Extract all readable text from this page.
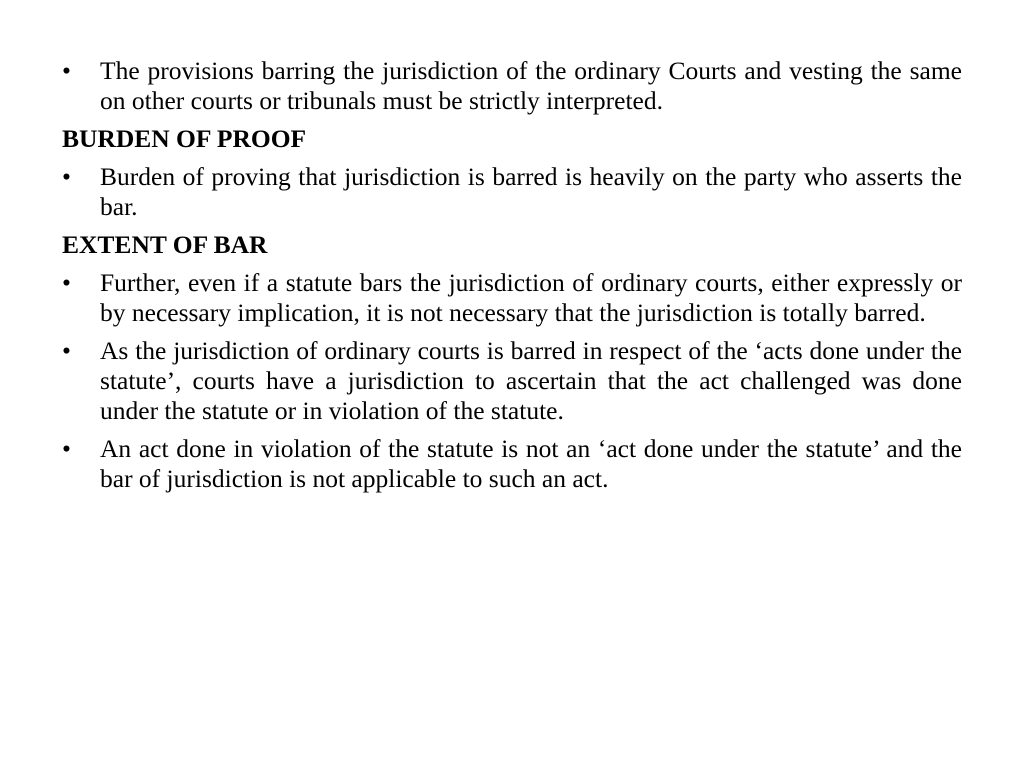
•	The provisions barring the jurisdiction of the ordinary Courts and vesting the same on other courts or tribunals must be strictly interpreted.
BURDEN OF PROOF
•	Burden of proving that jurisdiction is barred is heavily on the party who asserts the bar.
EXTENT OF BAR
•	Further, even if a statute bars the jurisdiction of ordinary courts, either expressly or by necessary implication, it is not necessary that the jurisdiction is totally barred.
•	As the jurisdiction of ordinary courts is barred in respect of the ‘acts done under the statute’, courts have a jurisdiction to ascertain that the act challenged was done under the statute or in violation of the statute.
•	An act done in violation of the statute is not an ‘act done under the statute’ and the bar of jurisdiction is not applicable to such an act.
